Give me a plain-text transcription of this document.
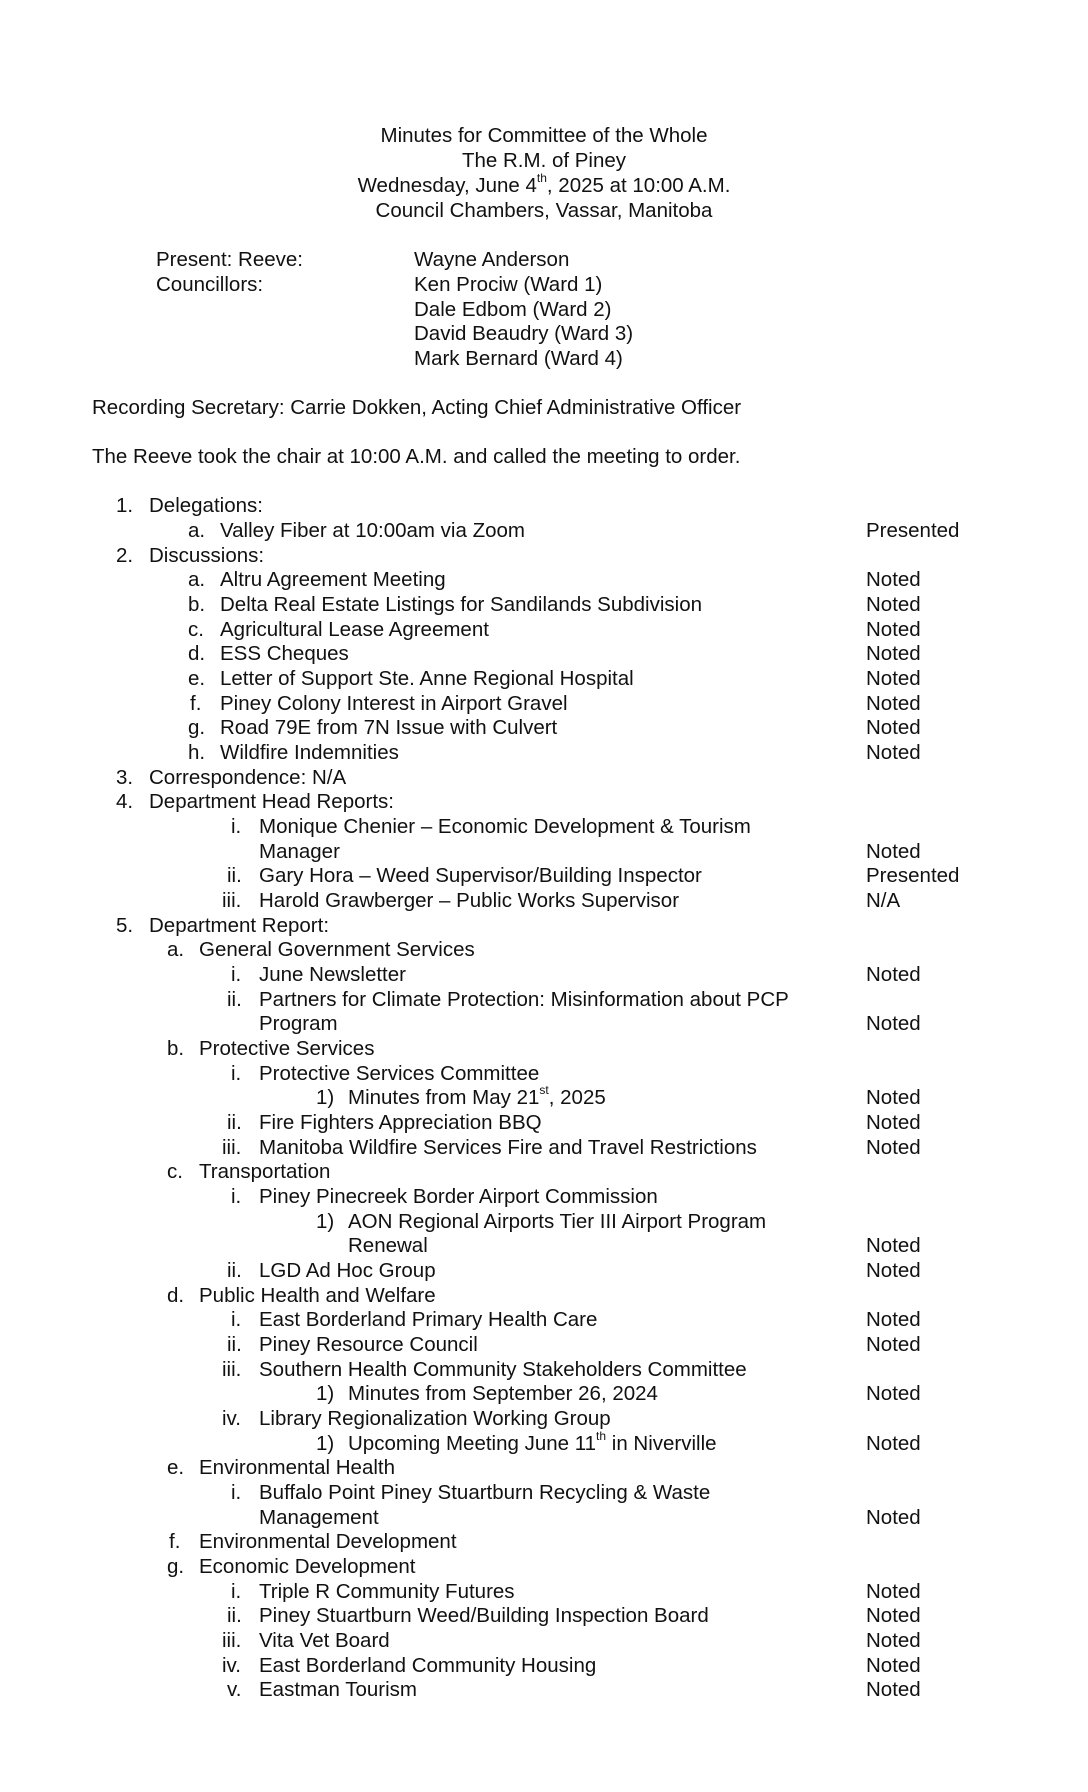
Minutes for Committee of the Whole
The R.M. of Piney
Wednesday, June 4th, 2025 at 10:00 A.M.
Council Chambers, Vassar, Manitoba
Present: Reeve:	Wayne Anderson
Councillors:	Ken Prociw (Ward 1)
Dale Edbom (Ward 2)
David Beaudry (Ward 3)
Mark Bernard (Ward 4)
Recording Secretary: Carrie Dokken, Acting Chief Administrative Officer
The Reeve took the chair at 10:00 A.M. and called the meeting to order.
1. Delegations:
a. Valley Fiber at 10:00am via Zoom	Presented
2. Discussions:
a. Altru Agreement Meeting	Noted
b. Delta Real Estate Listings for Sandilands Subdivision	Noted
c. Agricultural Lease Agreement	Noted
d. ESS Cheques	Noted
e. Letter of Support Ste. Anne Regional Hospital	Noted
f. Piney Colony Interest in Airport Gravel	Noted
g. Road 79E from 7N Issue with Culvert	Noted
h. Wildfire Indemnities	Noted
3. Correspondence: N/A
4. Department Head Reports:
i. Monique Chenier – Economic Development & Tourism
Manager	Noted
ii. Gary Hora – Weed Supervisor/Building Inspector	Presented
iii. Harold Grawberger – Public Works Supervisor	N/A
5. Department Report:
a. General Government Services
i. June Newsletter	Noted
ii. Partners for Climate Protection: Misinformation about PCP
Program	Noted
b. Protective Services
i. Protective Services Committee
1) Minutes from May 21st, 2025	Noted
ii. Fire Fighters Appreciation BBQ	Noted
iii. Manitoba Wildfire Services Fire and Travel Restrictions	Noted
c. Transportation
i. Piney Pinecreek Border Airport Commission
1) AON Regional Airports Tier III Airport Program
Renewal	Noted
ii. LGD Ad Hoc Group	Noted
d. Public Health and Welfare
i. East Borderland Primary Health Care	Noted
ii. Piney Resource Council	Noted
iii. Southern Health Community Stakeholders Committee
1) Minutes from September 26, 2024	Noted
iv. Library Regionalization Working Group
1) Upcoming Meeting June 11th in Niverville	Noted
e. Environmental Health
i. Buffalo Point Piney Stuartburn Recycling & Waste
Management	Noted
f. Environmental Development
g. Economic Development
i. Triple R Community Futures	Noted
ii. Piney Stuartburn Weed/Building Inspection Board	Noted
iii. Vita Vet Board	Noted
iv. East Borderland Community Housing	Noted
v. Eastman Tourism	Noted
